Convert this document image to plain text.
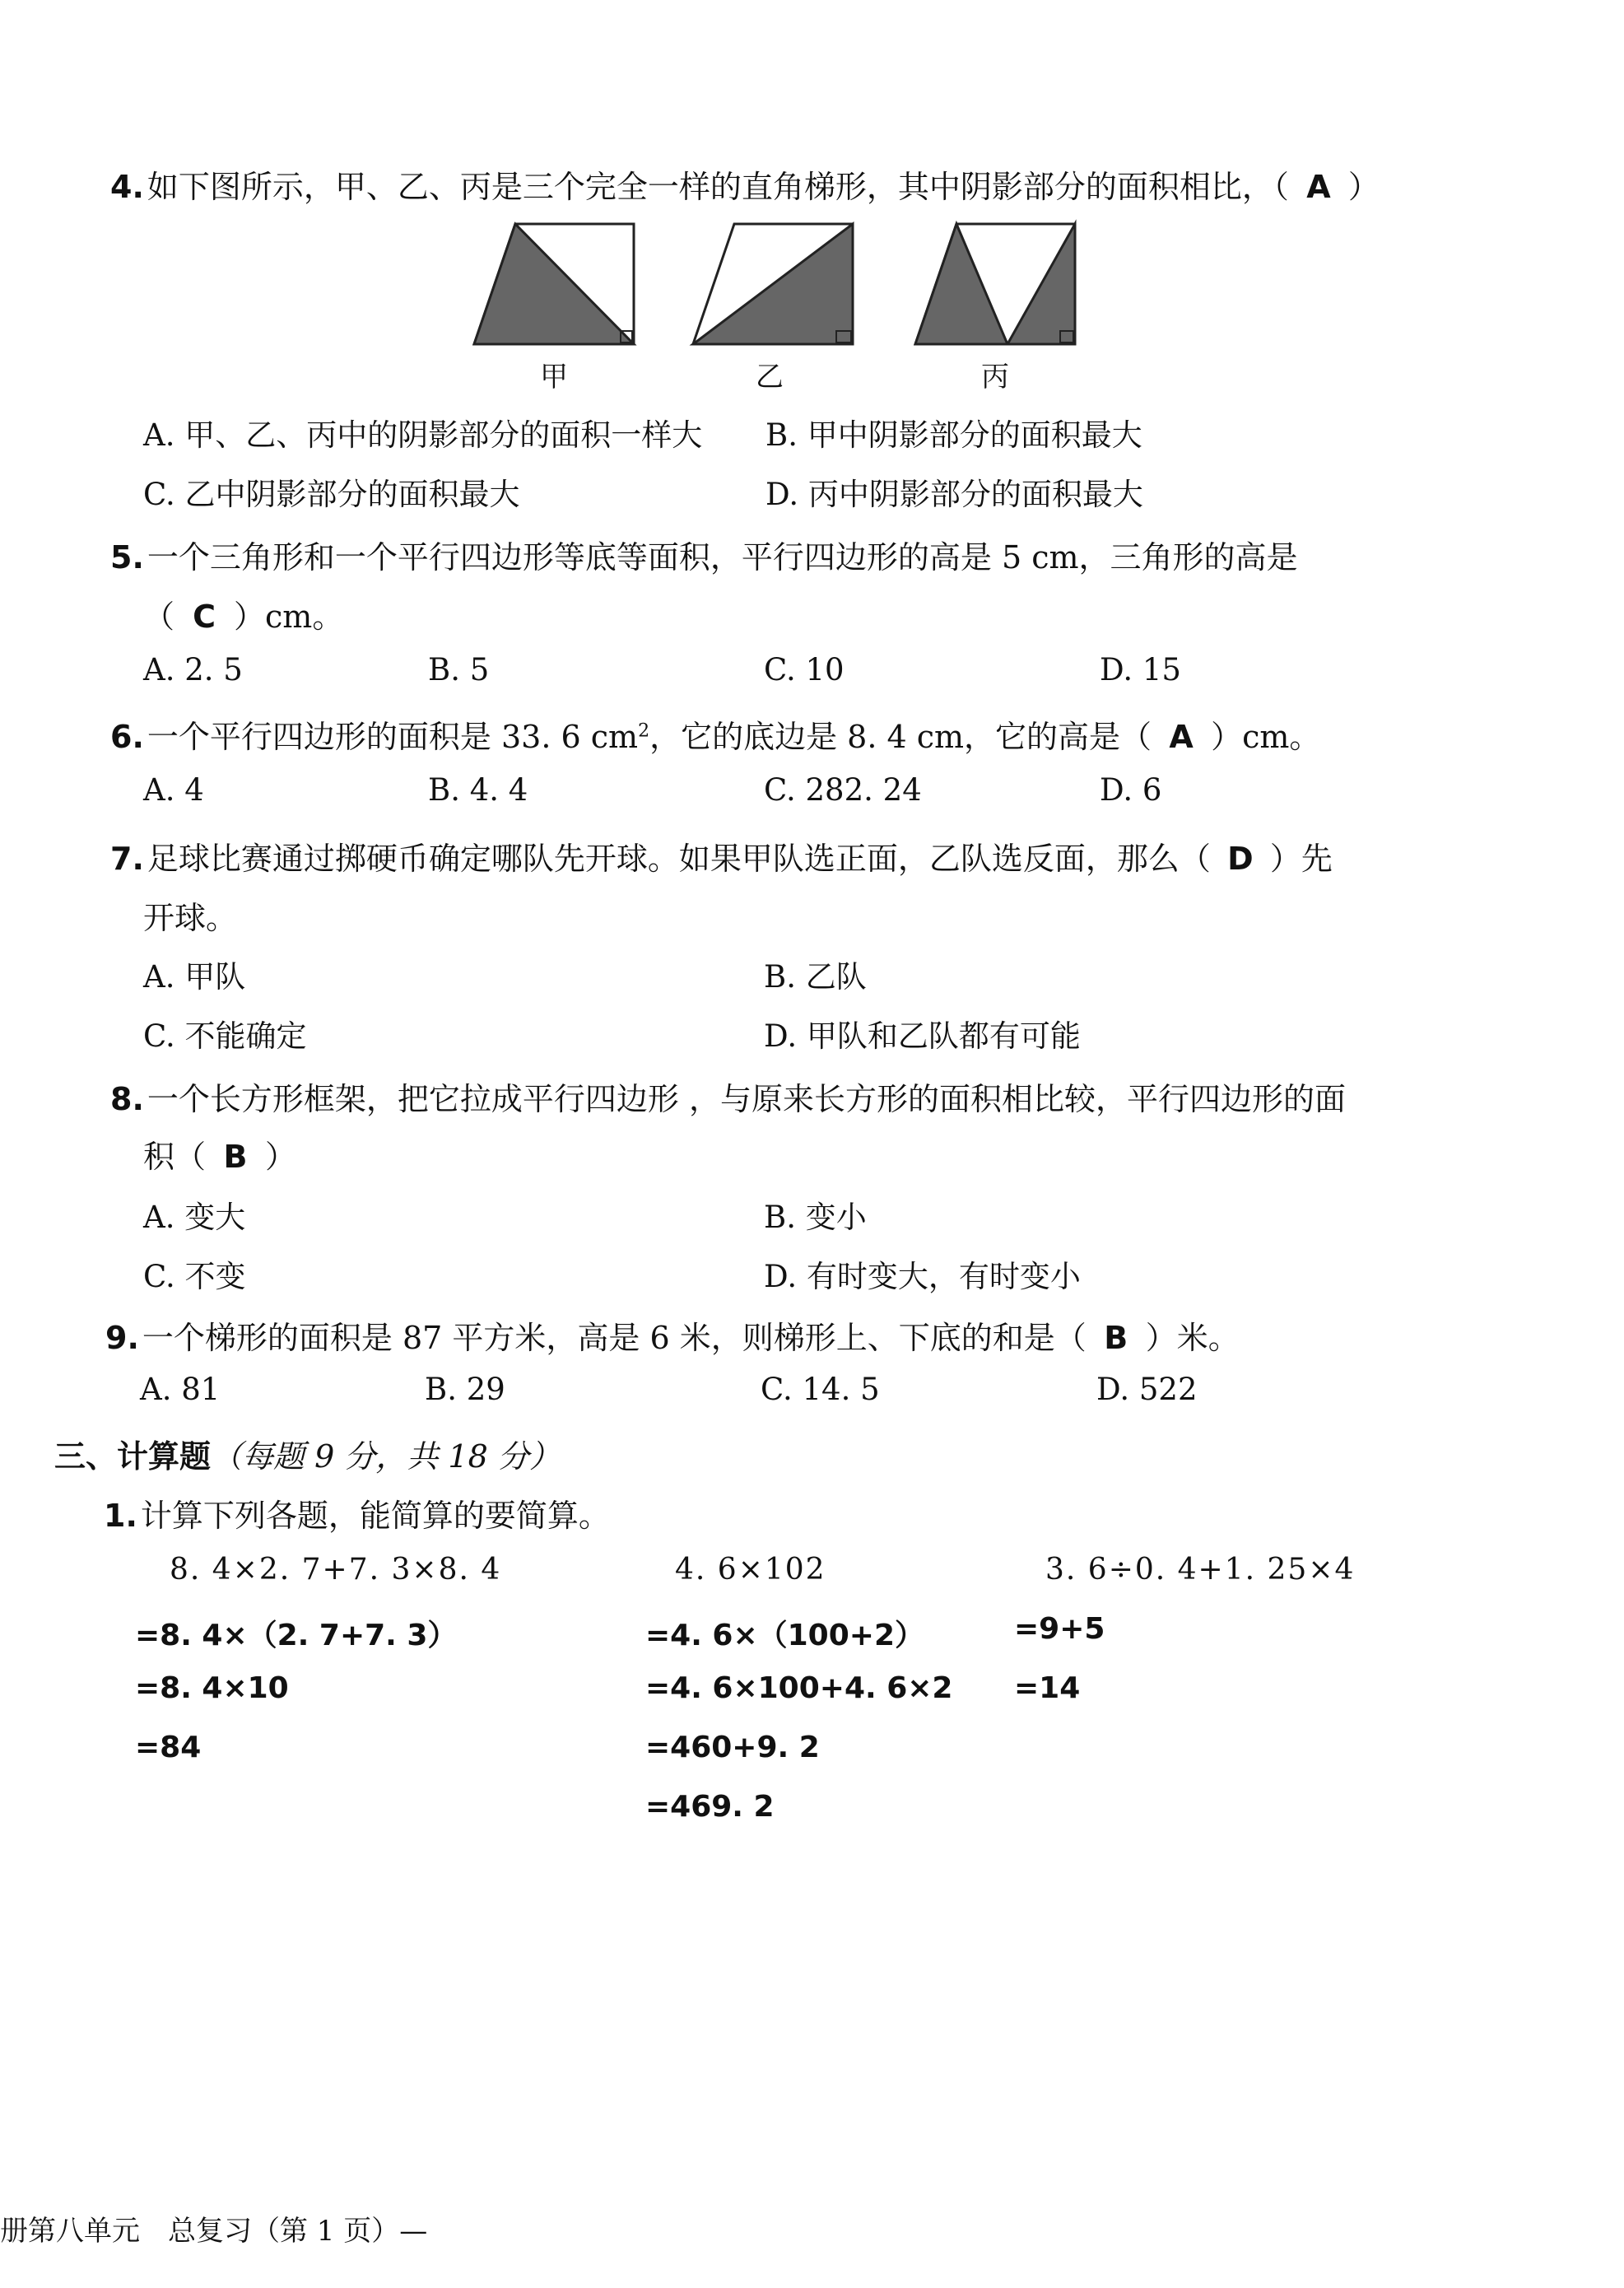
4. 如下图所示，甲、乙、丙是三个完全一样的直角梯形，其中阴影部分的面积相比，（ A ）
甲	乙	丙
A. 甲、乙、丙中的阴影部分的面积一样大 B. 甲中阴影部分的面积最大
C. 乙中阴影部分的面积最大	D. 丙中阴影部分的面积最大
5. 一个三角形和一个平行四边形等底等面积，平行四边形的高是 5 cm，三角形的高是
（ C ）cm。
A. 2. 5	B. 5	C. 10	D. 15
6. 一个平行四边形的面积是 33. 6 $cm^2$，它的底边是 8. 4 cm，它的高是（ A ）cm。
A. 4	B. 4. 4	C. 282. 24	D. 6
7. 足球比赛通过掷硬币确定哪队先开球。如果甲队选正面，乙队选反面，那么（ D ）先
开球。
A. 甲队	B. 乙队
C. 不能确定	D. 甲队和乙队都有可能
8. 一个长方形框架，把它拉成平行四边形 ，与原来长方形的面积相比较，平行四边形的面
积（ B ）
A. 变大	B. 变小
C. 不变	D. 有时变大，有时变小
9. 一个梯形的面积是 87 平方米，高是 6 米，则梯形上、下底的和是（ B ）米。
A. 81	B. 29	C. 14. 5	D. 522
三、计算题（每题 9 分，共 18 分）
1. 计算下列各题，能简算的要简算。
8. 4×2. 7+7. 3×8. 4
=8. 4×（2. 7+7. 3）
=8. 4×10
=84
4. 6×102
=4. 6×（100+2）
=4. 6×100+4. 6×2
=460+9. 2
=469. 2
3. 6÷0. 4+1. 25×4
=9+5
=14
册第八单元　总复习（第 1 页）—
